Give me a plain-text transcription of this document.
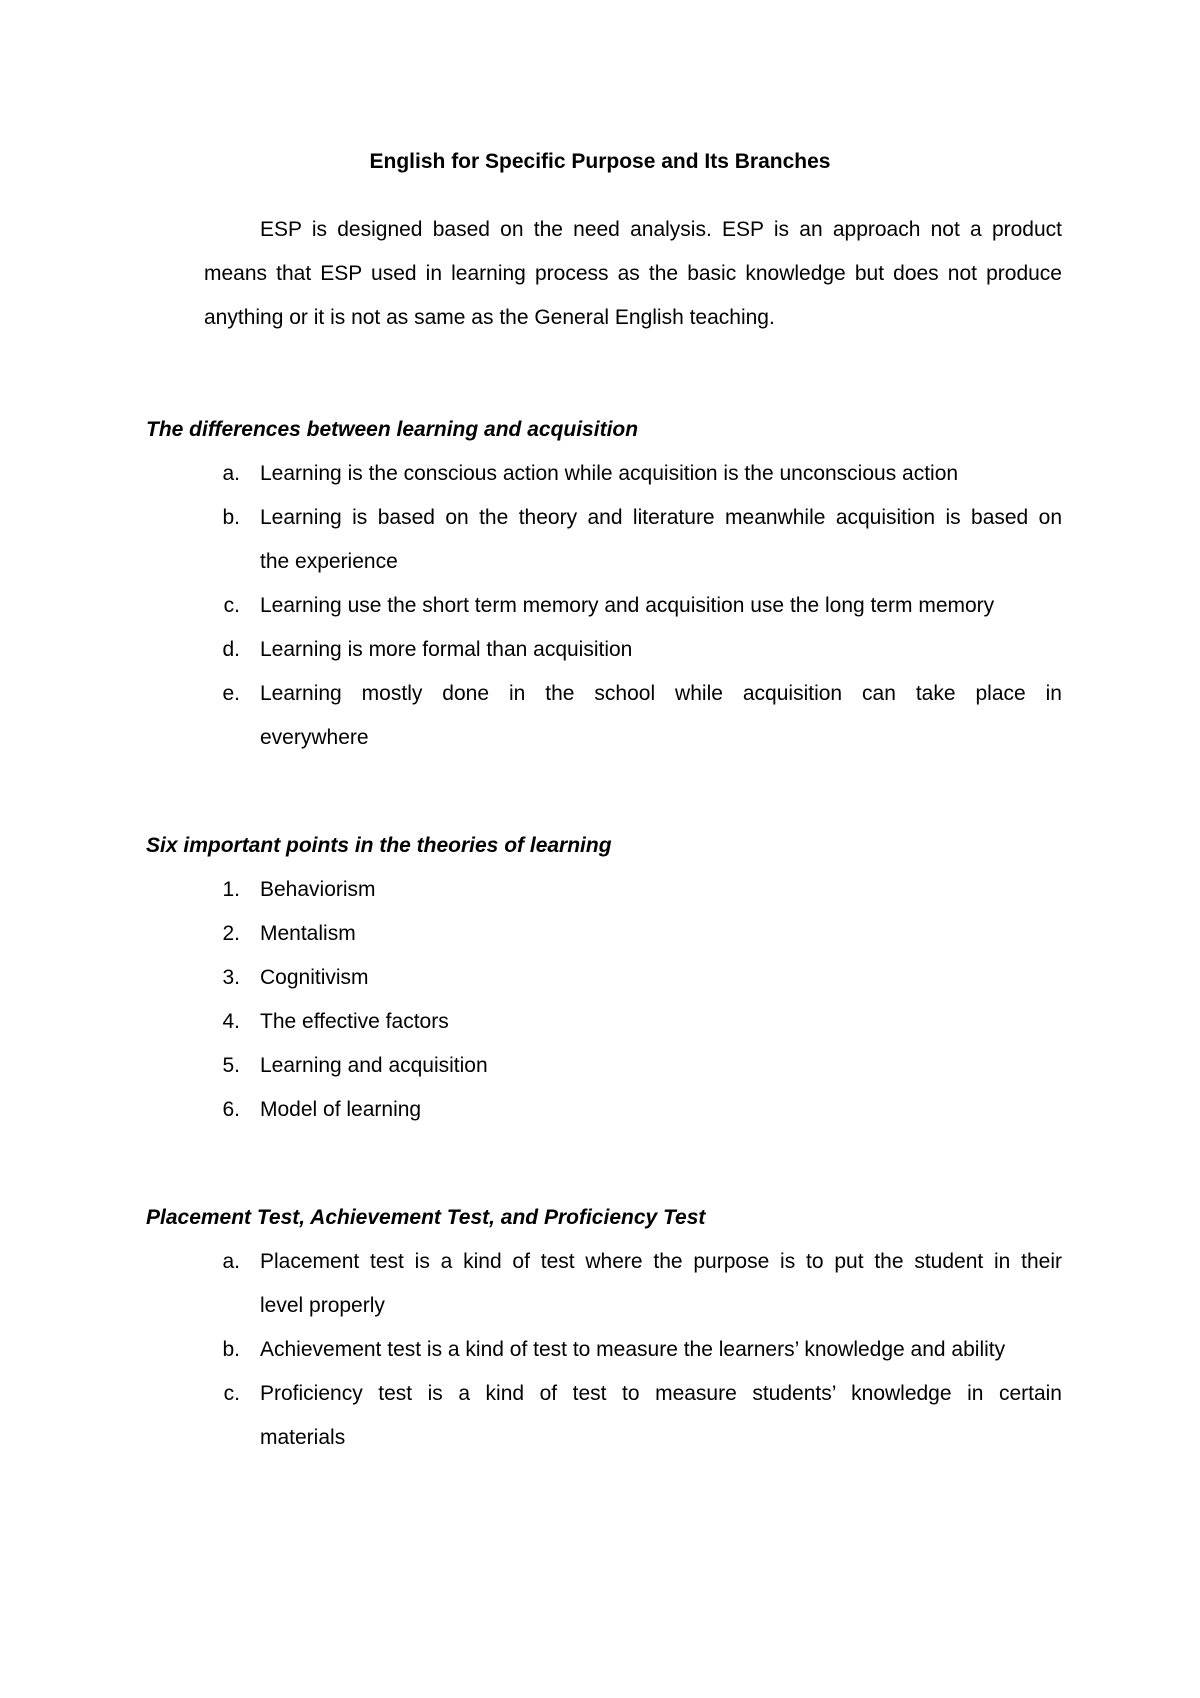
English for Specific Purpose and Its Branches
ESP is designed based on the need analysis. ESP is an approach not a product
means that ESP used in learning process as the basic knowledge but does not produce
anything or it is not as same as the General English teaching.
The differences between learning and acquisition
a. Learning is the conscious action while acquisition is the unconscious action
b. Learning is based on the theory and literature meanwhile acquisition is based on
the experience
c. Learning use the short term memory and acquisition use the long term memory
d. Learning is more formal than acquisition
e. Learning mostly done in the school while acquisition can take place in
everywhere
Six important points in the theories of learning
1. Behaviorism
2. Mentalism
3. Cognitivism
4. The effective factors
5. Learning and acquisition
6. Model of learning
Placement Test, Achievement Test, and Proficiency Test
a. Placement test is a kind of test where the purpose is to put the student in their
level properly
b. Achievement test is a kind of test to measure the learners’ knowledge and ability
c. Proficiency test is a kind of test to measure students’ knowledge in certain
materials
